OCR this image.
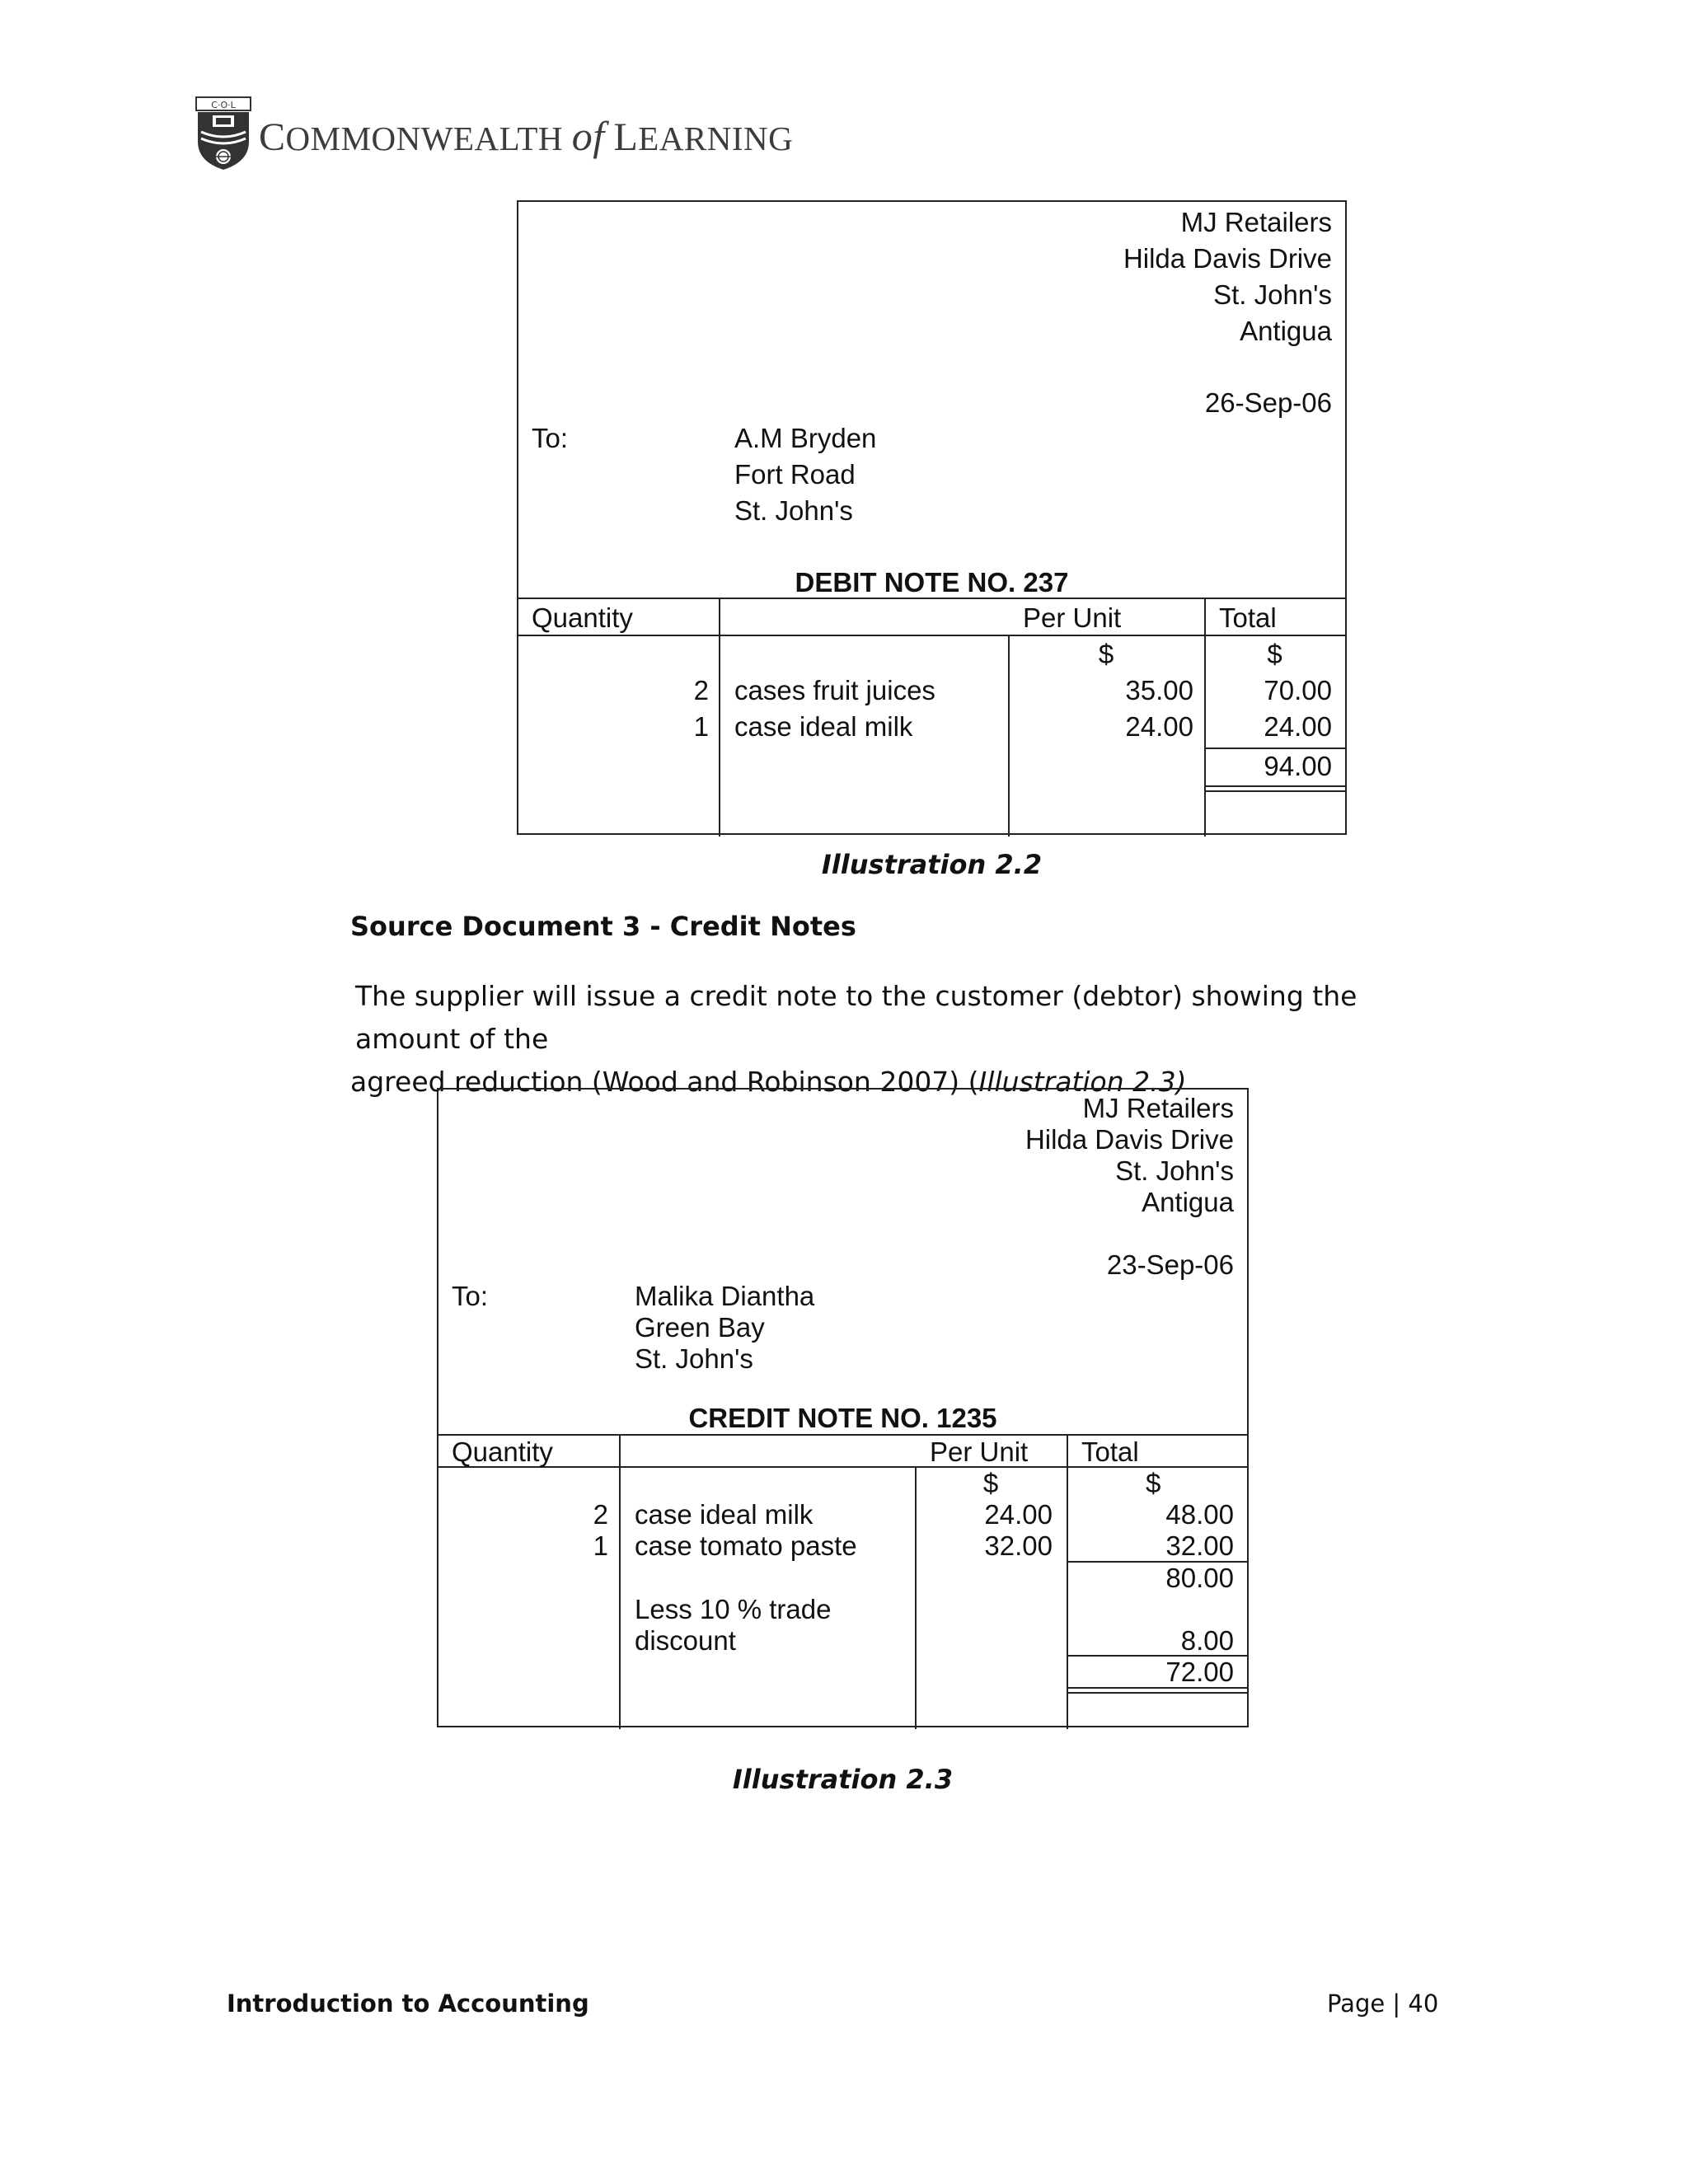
C·O·L
COMMONWEALTH of LEARNING
MJ Retailers
Hilda Davis Drive
St. John's
Antigua
26-Sep-06
To:	A.M Bryden
Fort Road
St. John's
DEBIT NOTE NO. 237
Quantity	Per Unit	Total
$	$
2 cases fruit juices	35.00	70.00
1 case ideal milk	24.00	24.00
94.00
Illustration 2.2
Source Document 3 - Credit Notes
The supplier will issue a credit note to the customer (debtor) showing the amount of the
agreed reduction (Wood and Robinson 2007) (Illustration 2.3)
MJ Retailers
Hilda Davis Drive
St. John's
Antigua
23-Sep-06
To:	Malika Diantha
Green Bay
St. John's
CREDIT NOTE NO. 1235
Quantity	Per Unit Total
$	$
2 case ideal milk	24.00	48.00
1 case tomato paste	32.00	32.00
80.00
Less 10 % trade
discount	8.00
72.00
Illustration 2.3
Introduction to Accounting	Page | 40
